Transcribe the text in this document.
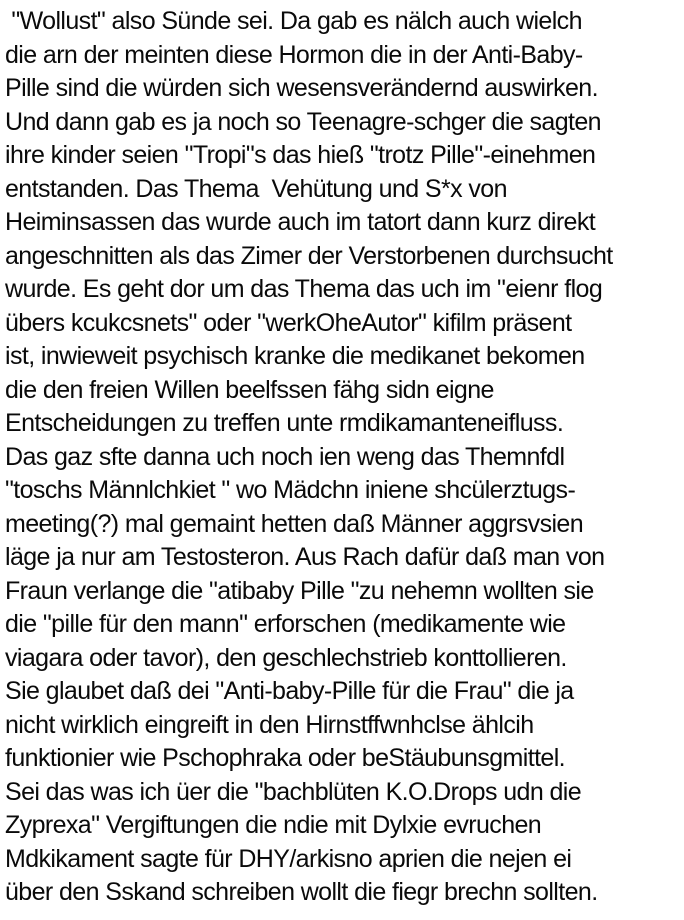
"Wollust" also Sünde sei. Da gab es nälch auch wielch
die arn der meinten diese Hormon die in der Anti-Baby-
Pille sind die würden sich wesensverändernd auswirken.
Und dann gab es ja noch so Teenagre-schger die sagten
ihre kinder seien "Tropi"s das hieß "trotz Pille"-einehmen
entstanden. Das Thema  Vehütung und S*x von
Heiminsassen das wurde auch im tatort dann kurz direkt
angeschnitten als das Zimer der Verstorbenen durchsucht
wurde. Es geht dor um das Thema das uch im "eienr flog
übers kcukcsnets" oder "werkOheAutor" kifilm präsent
ist, inwieweit psychisch kranke die medikanet bekomen
die den freien Willen beelfssen fähg sidn eigne
Entscheidungen zu treffen unte rmdikamanteneifluss.
Das gaz sfte danna uch noch ien weng das Themnfdl
"toschs Männlchkiet " wo Mädchn iniene shcülerztugs-
meeting(?) mal gemaint hetten daß Männer aggrsvsien
läge ja nur am Testosteron. Aus Rach dafür daß man von
Fraun verlange die "atibaby Pille "zu nehemn wollten sie
die "pille für den mann" erforschen (medikamente wie
viagara oder tavor), den geschlechstrieb konttollieren.
Sie glaubet daß dei "Anti-baby-Pille für die Frau" die ja
nicht wirklich eingreift in den Hirnstffwnhclse ählcih
funktionier wie Pschophraka oder beStäubunsgmittel.
Sei das was ich üer die "bachblüten K.O.Drops udn die
Zyprexa" Vergiftungen die ndie mit Dylxie evruchen
Mdkikament sagte für DHY/arkisno aprien die nejen ei
über den Sskand schreiben wollt die fiegr brechn sollten.
